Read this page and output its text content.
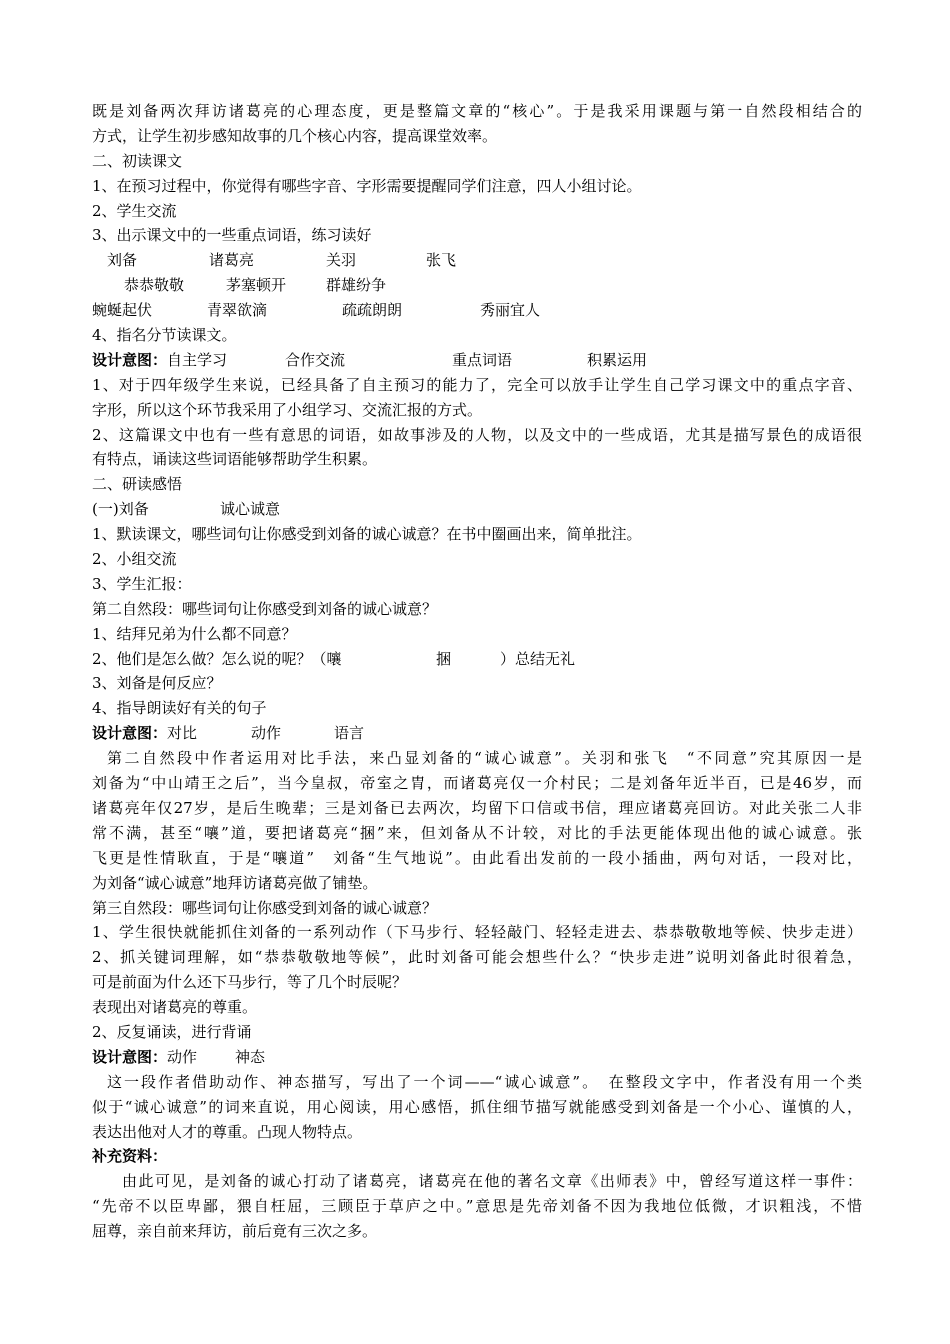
既是刘备两次拜访诸葛亮的心理态度，更是整篇文章的“核心”。于是我采用课题与第一自然段相结合的
方式，让学生初步感知故事的几个核心内容，提高课堂效率。
二、初读课文
1、在预习过程中，你觉得有哪些字音、字形需要提醒同学们注意，四人小组讨论。
2、学生交流
3、出示课文中的一些重点词语，练习读好
刘备	诸葛亮	关羽	张飞
恭恭敬敬	茅塞顿开	群雄纷争
蜿蜒起伏	青翠欲滴	疏疏朗朗	秀丽宜人
4、指名分节读课文。
设计意图：自主学习	合作交流	重点词语	积累运用
1、对于四年级学生来说，已经具备了自主预习的能力了，完全可以放手让学生自己学习课文中的重点字音、
字形，所以这个环节我采用了小组学习、交流汇报的方式。
2、这篇课文中也有一些有意思的词语，如故事涉及的人物，以及文中的一些成语，尤其是描写景色的成语很
有特点，诵读这些词语能够帮助学生积累。
二、研读感悟
(一)刘备	诚心诚意
1、默读课文，哪些词句让你感受到刘备的诚心诚意？在书中圈画出来，简单批注。
2、小组交流
3、学生汇报：
第二自然段：哪些词句让你感受到刘备的诚心诚意？
1、结拜兄弟为什么都不同意？
2、他们是怎么做？怎么说的呢？（嚷	捆	）总结无礼
3、刘备是何反应？
4、指导朗读好有关的句子
设计意图：对比	动作	语言
第二自然段中作者运用对比手法，来凸显刘备的“诚心诚意”。关羽和张飞　“不同意”究其原因一是
刘备为“中山靖王之后”，当今皇叔，帝室之胄，而诸葛亮仅一介村民；二是刘备年近半百，已是46岁，而
诸葛亮年仅27岁，是后生晚辈；三是刘备已去两次，均留下口信或书信，理应诸葛亮回访。对此关张二人非
常不满，甚至“嚷”道，要把诸葛亮“捆”来，但刘备从不计较，对比的手法更能体现出他的诚心诚意。张
飞更是性情耿直，于是“嚷道”　刘备“生气地说”。由此看出发前的一段小插曲，两句对话，一段对比，
为刘备“诚心诚意”地拜访诸葛亮做了铺垫。
第三自然段：哪些词句让你感受到刘备的诚心诚意？
1、学生很快就能抓住刘备的一系列动作（下马步行、轻轻敲门、轻轻走进去、恭恭敬敬地等候、快步走进）
2、抓关键词理解，如“恭恭敬敬地等候”，此时刘备可能会想些什么？“快步走进”说明刘备此时很着急，
可是前面为什么还下马步行，等了几个时辰呢？
表现出对诸葛亮的尊重。
2、反复诵读，进行背诵
设计意图：动作	神态
这一段作者借助动作、神态描写，写出了一个词——“诚心诚意”。　在整段文字中，作者没有用一个类
似于“诚心诚意”的词来直说，用心阅读，用心感悟，抓住细节描写就能感受到刘备是一个小心、谨慎的人，
表达出他对人才的尊重。凸现人物特点。
补充资料：
由此可见，是刘备的诚心打动了诸葛亮，诸葛亮在他的著名文章《出师表》中，曾经写道这样一事件：
“先帝不以臣卑鄙，猥自枉屈，三顾臣于草庐之中。”意思是先帝刘备不因为我地位低微，才识粗浅，不惜
屈尊，亲自前来拜访，前后竟有三次之多。
